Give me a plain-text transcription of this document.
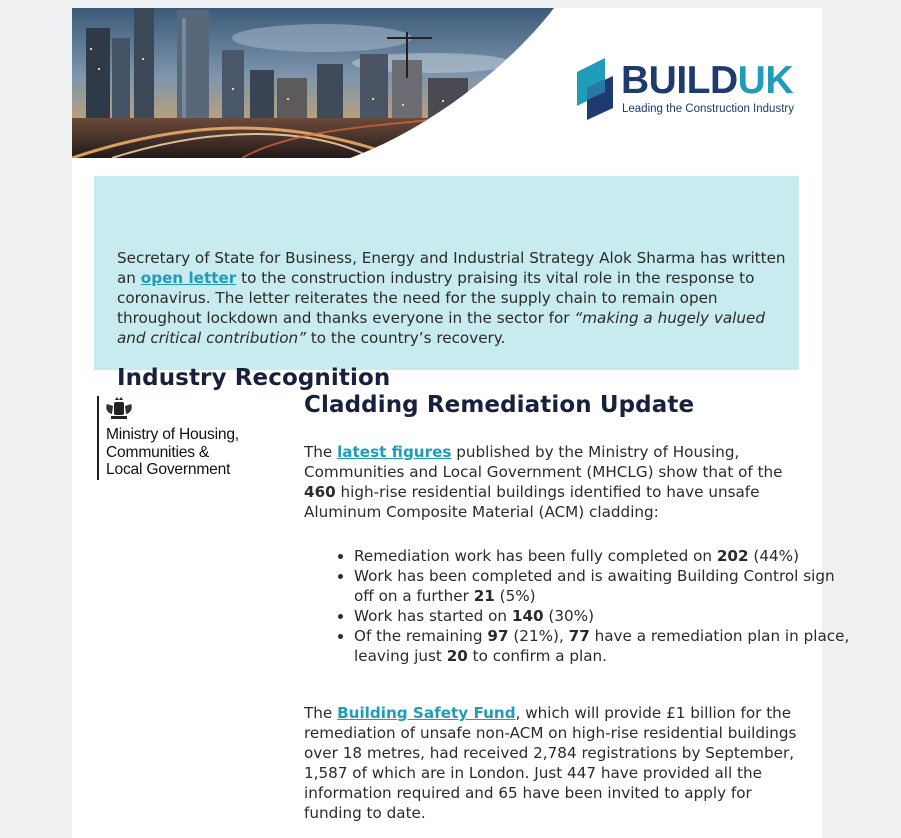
BUILDUK
Leading the Construction Industry
Industry Recognition
Secretary of State for Business, Energy and Industrial Strategy Alok Sharma has written an open letter to the construction industry praising its vital role in the response to coronavirus. The letter reiterates the need for the supply chain to remain open throughout lockdown and thanks everyone in the sector for “making a hugely valued and critical contribution” to the country’s recovery.
Ministry of Housing,
Communities &
Local Government
Cladding Remediation Update

The latest figures published by the Ministry of Housing, Communities and Local Government (MHCLG) show that of the 460 high-rise residential buildings identified to have unsafe Aluminum Composite Material (ACM) cladding:

• Remediation work has been fully completed on 202 (44%)
• Work has been completed and is awaiting Building Control sign off on a further 21 (5%)
• Work has started on 140 (30%)
• Of the remaining 97 (21%), 77 have a remediation plan in place, leaving just 20 to confirm a plan.

The Building Safety Fund, which will provide £1 billion for the remediation of unsafe non-ACM on high-rise residential buildings over 18 metres, had received 2,784 registrations by September, 1,587 of which are in London. Just 447 have provided all the information required and 65 have been invited to apply for funding to date.
